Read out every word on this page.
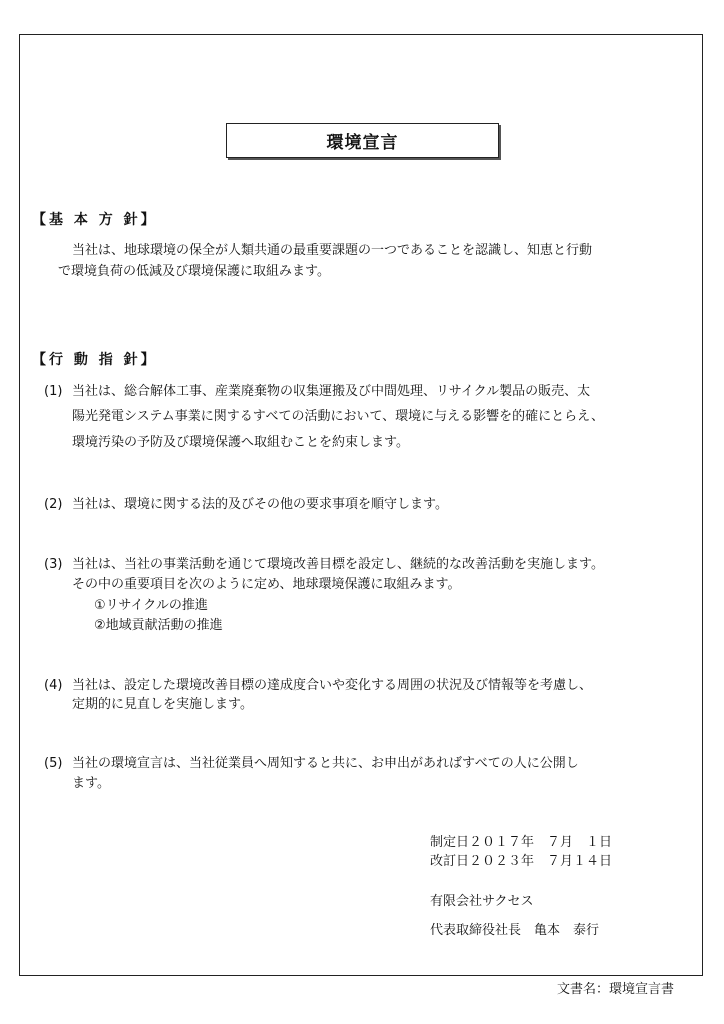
環境宣言
【基 本 方 針】
当社は、地球環境の保全が人類共通の最重要課題の一つであることを認識し、知恵と行動
で環境負荷の低減及び環境保護に取組みます。
【行 動 指 針】
(1) 当社は、総合解体工事、産業廃棄物の収集運搬及び中間処理、リサイクル製品の販売、太
陽光発電システム事業に関するすべての活動において、環境に与える影響を的確にとらえ、
環境汚染の予防及び環境保護へ取組むことを約束します。
(2) 当社は、環境に関する法的及びその他の要求事項を順守します。
(3) 当社は、当社の事業活動を通じて環境改善目標を設定し、継続的な改善活動を実施します。
その中の重要項目を次のように定め、地球環境保護に取組みます。
①リサイクルの推進
②地域貢献活動の推進
(4) 当社は、設定した環境改善目標の達成度合いや変化する周囲の状況及び情報等を考慮し、
定期的に見直しを実施します。
(5) 当社の環境宣言は、当社従業員へ周知すると共に、お申出があればすべての人に公開し
ます。
制定日２０１７年　７月　１日
改訂日２０２３年　７月１４日
有限会社サクセス
代表取締役社長　亀本　泰行
文書名：環境宣言書
